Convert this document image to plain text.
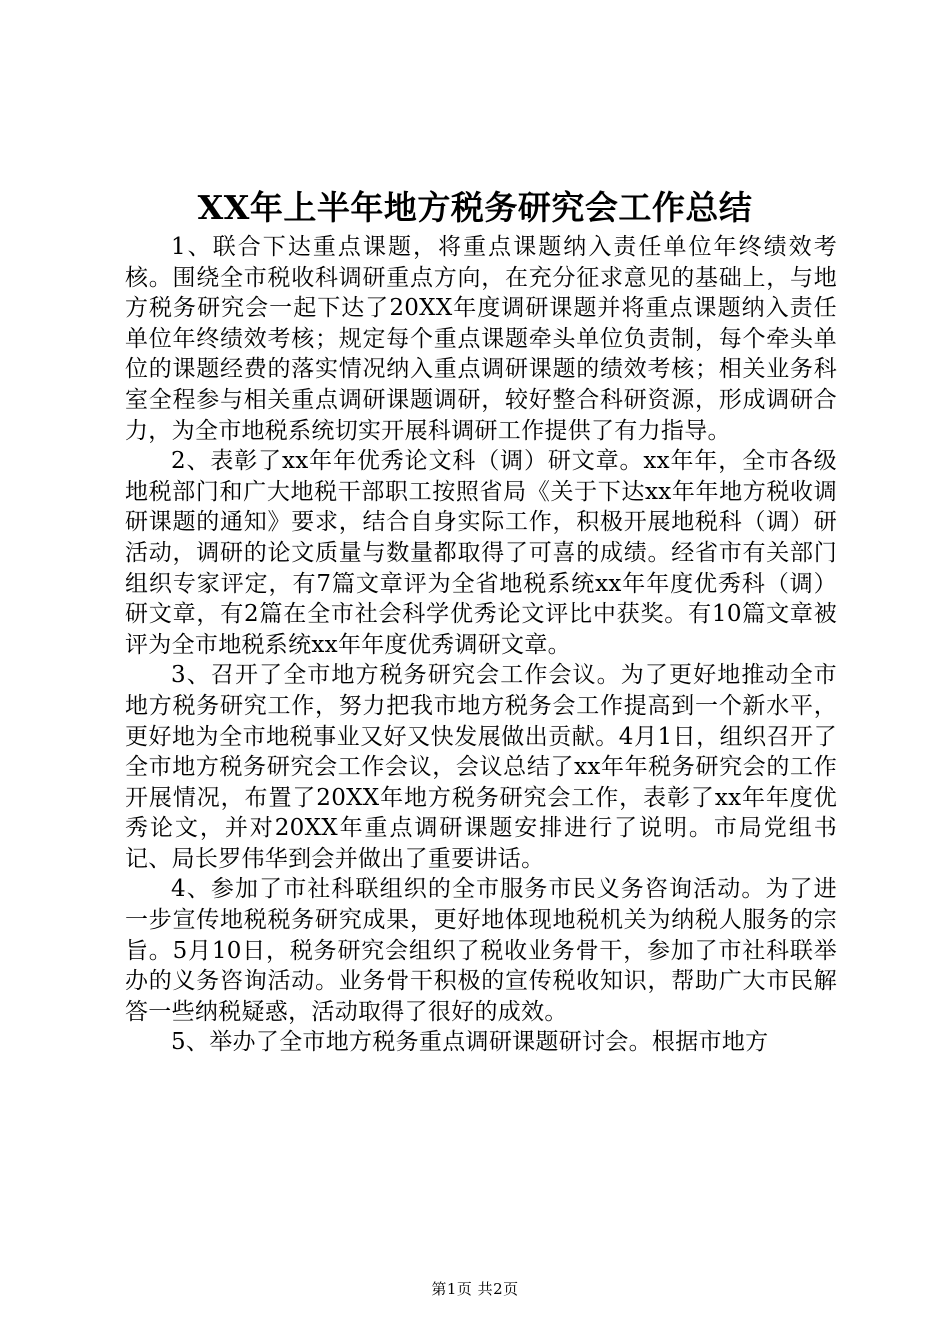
XX年上半年地方税务研究会工作总结

1、联合下达重点课题，将重点课题纳入责任单位年终绩效考核。围绕全市税收科调研重点方向，在充分征求意见的基础上，与地方税务研究会一起下达了20XX年度调研课题并将重点课题纳入责任单位年终绩效考核；规定每个重点课题牵头单位负责制，每个牵头单位的课题经费的落实情况纳入重点调研课题的绩效考核；相关业务科室全程参与相关重点调研课题调研，较好整合科研资源，形成调研合力，为全市地税系统切实开展科调研工作提供了有力指导。

2、表彰了xx年年优秀论文科（调）研文章。xx年年，全市各级地税部门和广大地税干部职工按照省局《关于下达xx年年地方税收调研课题的通知》要求，结合自身实际工作，积极开展地税科（调）研活动，调研的论文质量与数量都取得了可喜的成绩。经省市有关部门组织专家评定，有7篇文章评为全省地税系统xx年年度优秀科（调）研文章，有2篇在全市社会科学优秀论文评比中获奖。有10篇文章被评为全市地税系统xx年年度优秀调研文章。

3、召开了全市地方税务研究会工作会议。为了更好地推动全市地方税务研究工作，努力把我市地方税务会工作提高到一个新水平，更好地为全市地税事业又好又快发展做出贡献。4月1日，组织召开了全市地方税务研究会工作会议，会议总结了xx年年税务研究会的工作开展情况，布置了20XX年地方税务研究会工作，表彰了xx年年度优秀论文，并对20XX年重点调研课题安排进行了说明。市局党组书记、局长罗伟华到会并做出了重要讲话。

4、参加了市社科联组织的全市服务市民义务咨询活动。为了进一步宣传地税税务研究成果，更好地体现地税机关为纳税人服务的宗旨。5月10日，税务研究会组织了税收业务骨干，参加了市社科联举办的义务咨询活动。业务骨干积极的宣传税收知识，帮助广大市民解答一些纳税疑惑，活动取得了很好的成效。

5、举办了全市地方税务重点调研课题研讨会。根据市地方

第1页 共2页
